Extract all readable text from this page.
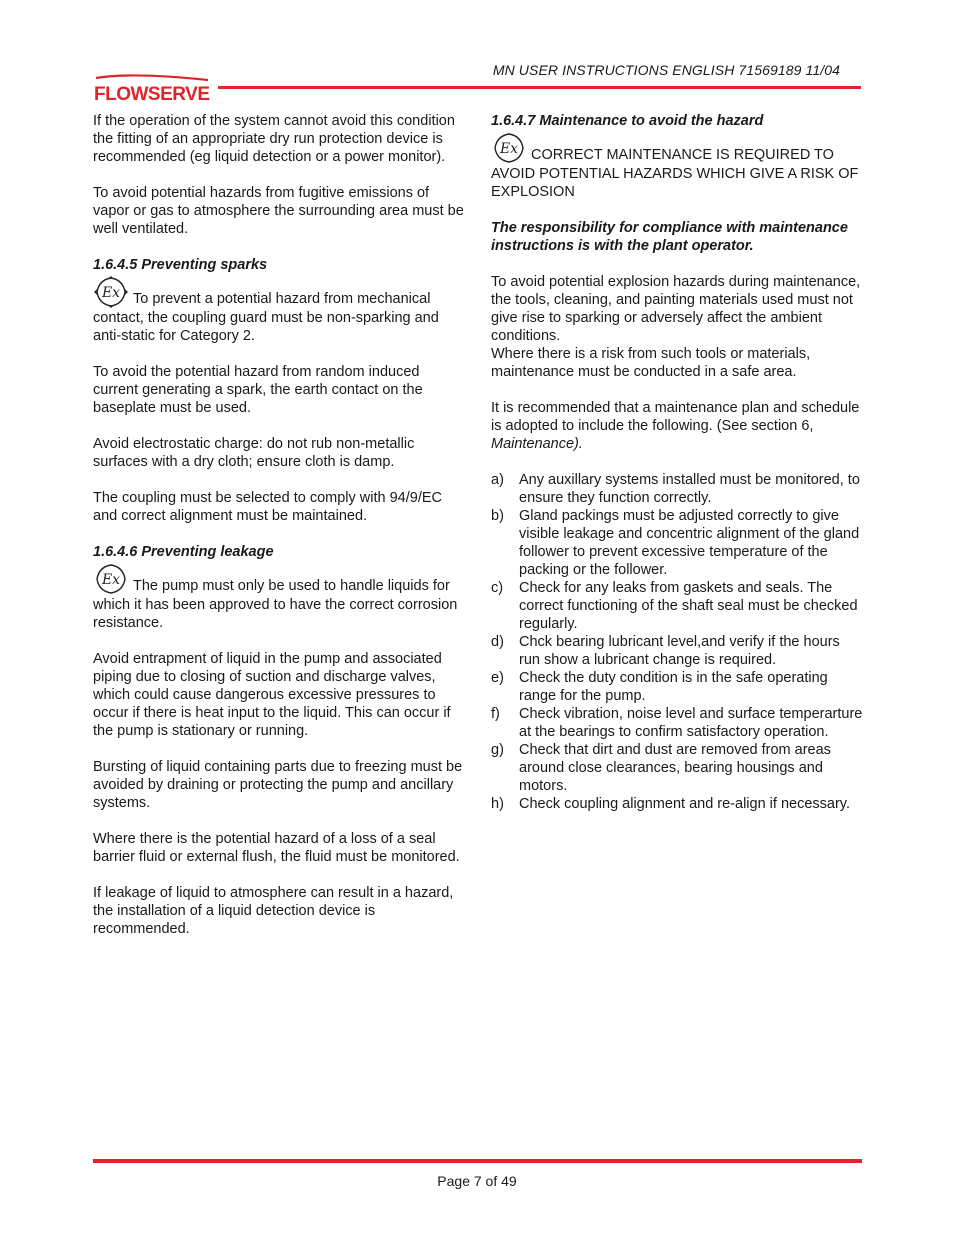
MN USER INSTRUCTIONS ENGLISH 71569189 11/04
FLOWSERVE

If the operation of the system cannot avoid this condition the fitting of an appropriate dry run protection device is recommended (eg liquid detection or a power monitor).

To avoid potential hazards from fugitive emissions of vapor or gas to atmosphere the surrounding area must be well ventilated.

1.6.4.5 Preventing sparks

Ex To prevent a potential hazard from mechanical contact, the coupling guard must be non-sparking and anti-static for Category 2.

To avoid the potential hazard from random induced current generating a spark, the earth contact on the baseplate must be used.

Avoid electrostatic charge: do not rub non-metallic surfaces with a dry cloth; ensure cloth is damp.

The coupling must be selected to comply with 94/9/EC and correct alignment must be maintained.

1.6.4.6 Preventing leakage

Ex The pump must only be used to handle liquids for which it has been approved to have the correct corrosion resistance.

Avoid entrapment of liquid in the pump and associated piping due to closing of suction and discharge valves, which could cause dangerous excessive pressures to occur if there is heat input to the liquid. This can occur if the pump is stationary or running.

Bursting of liquid containing parts due to freezing must be avoided by draining or protecting the pump and ancillary systems.

Where there is the potential hazard of a loss of a seal barrier fluid or external flush, the fluid must be monitored.

If leakage of liquid to atmosphere can result in a hazard, the installation of a liquid detection device is recommended.

1.6.4.7 Maintenance to avoid the hazard

Ex CORRECT MAINTENANCE IS REQUIRED TO AVOID POTENTIAL HAZARDS WHICH GIVE A RISK OF EXPLOSION

The responsibility for compliance with maintenance instructions is with the plant operator.

To avoid potential explosion hazards during maintenance, the tools, cleaning, and painting materials used must not give rise to sparking or adversely affect the ambient conditions.

Where there is a risk from such tools or materials, maintenance must be conducted in a safe area.

It is recommended that a maintenance plan and schedule is adopted to include the following. (See section 6, Maintenance).

a) Any auxillary systems installed must be monitored, to ensure they function correctly.
b) Gland packings must be adjusted correctly to give visible leakage and concentric alignment of the gland follower to prevent excessive temperature of the packing or the follower.
c) Check for any leaks from gaskets and seals. The correct functioning of the shaft seal must be checked regularly.
d) Chck bearing lubricant level,and verify if the hours run show a lubricant change is required.
e) Check the duty condition is in the safe operating range for the pump.
f) Check vibration, noise level and surface temperarture at the bearings to confirm satisfactory operation.
g) Check that dirt and dust are removed from areas around close clearances, bearing housings and motors.
h) Check coupling alignment and re-align if necessary.
Page 7 of 49
